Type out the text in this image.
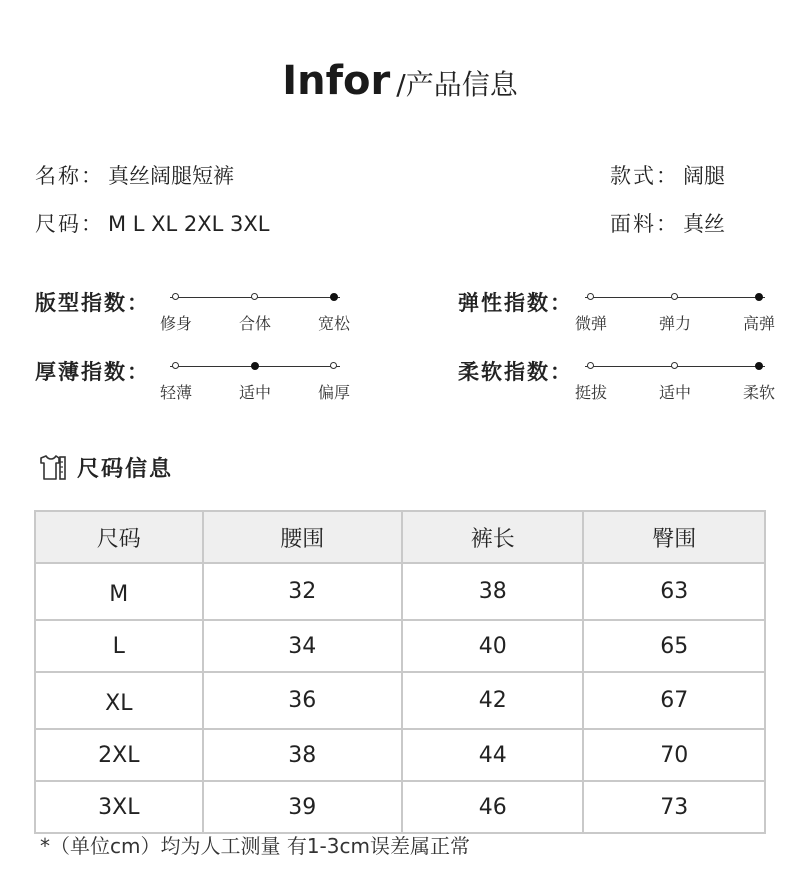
Infor /产品信息
名称： 真丝阔腿短裤	款式： 阔腿
尺码： M L XL 2XL 3XL	面料： 真丝
版型指数：
修身	合体	宽松
弹性指数：
微弹	弹力	高弹
厚薄指数：
轻薄	适中	偏厚
柔软指数：
挺拔	适中	柔软
尺码信息
尺码	腰围	裤长	臀围
M	32	38	63
L	34	40	65
XL	36	42	67
2XL	38	44	70
3XL	39	46	73
*（单位cm）均为人工测量 有1-3cm误差属正常
